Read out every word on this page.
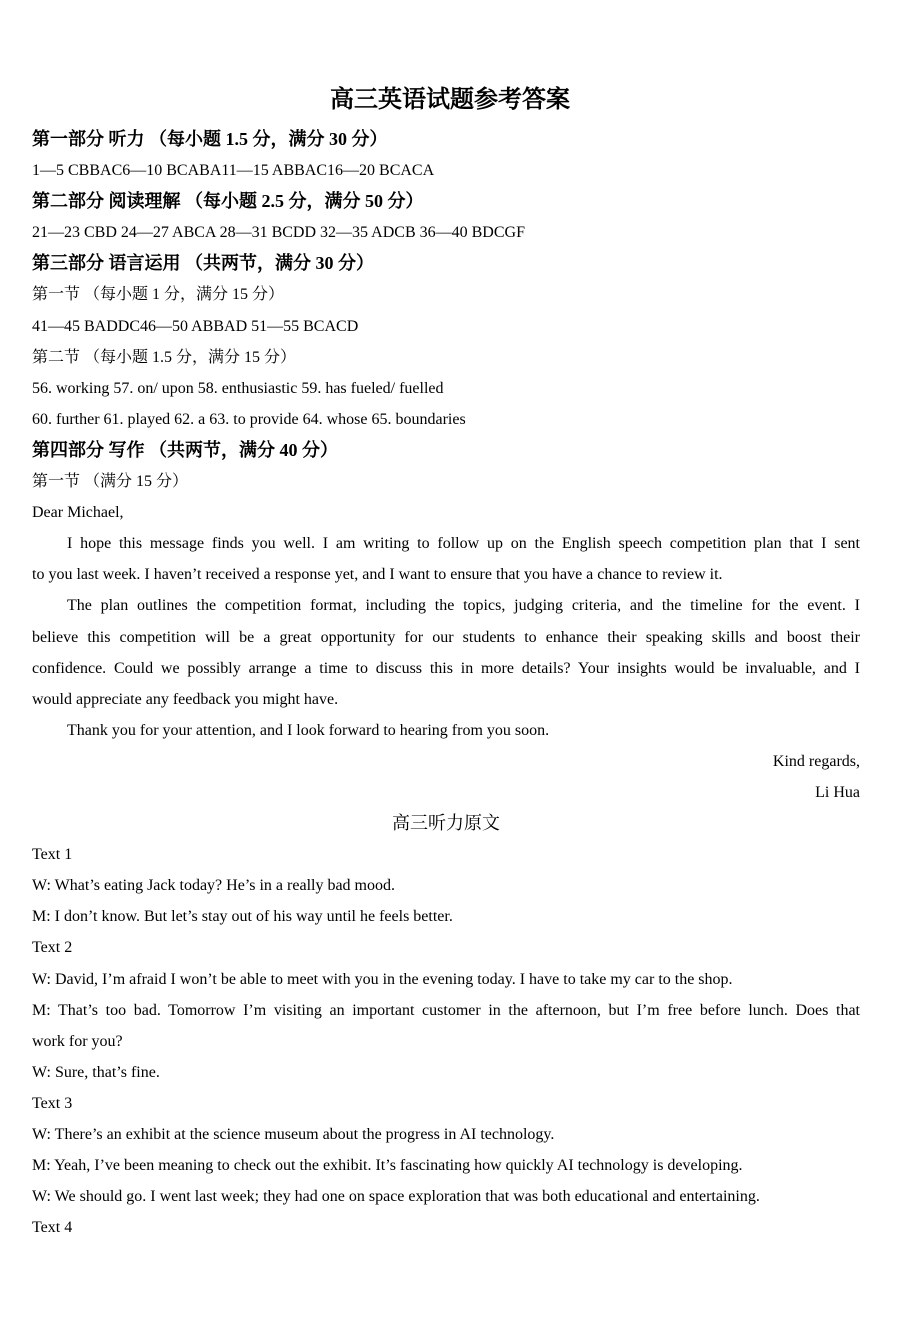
高三英语试题参考答案
第一部分 听力 （每小题 1.5 分，满分 30 分）
1—5 CBBAC6—10 BCABA11—15 ABBAC16—20 BCACA
第二部分 阅读理解 （每小题 2.5 分，满分 50 分）
21—23 CBD 24—27 ABCA 28—31 BCDD 32—35 ADCB 36—40 BDCGF
第三部分 语言运用 （共两节，满分 30 分）
第一节 （每小题 1 分，满分 15 分）
41—45 BADDC46—50 ABBAD 51—55 BCACD
第二节 （每小题 1.5 分，满分 15 分）
56. working 57. on/ upon 58. enthusiastic 59. has fueled/ fuelled
60. further 61. played 62. a 63. to provide 64. whose 65. boundaries
第四部分 写作 （共两节，满分 40 分）
第一节 （满分 15 分）
Dear Michael,
I hope this message finds you well. I am writing to follow up on the English speech competition plan that I sent
to you last week. I haven’t received a response yet, and I want to ensure that you have a chance to review it.
The plan outlines the competition format, including the topics, judging criteria, and the timeline for the event. I
believe this competition will be a great opportunity for our students to enhance their speaking skills and boost their
confidence. Could we possibly arrange a time to discuss this in more details? Your insights would be invaluable, and I
would appreciate any feedback you might have.
Thank you for your attention, and I look forward to hearing from you soon.
Kind regards,
Li Hua
高三听力原文
Text 1
W: What’s eating Jack today? He’s in a really bad mood.
M: I don’t know. But let’s stay out of his way until he feels better.
Text 2
W: David, I’m afraid I won’t be able to meet with you in the evening today. I have to take my car to the shop.
M: That’s too bad. Tomorrow I’m visiting an important customer in the afternoon, but I’m free before lunch. Does that
work for you?
W: Sure, that’s fine.
Text 3
W: There’s an exhibit at the science museum about the progress in AI technology.
M: Yeah, I’ve been meaning to check out the exhibit. It’s fascinating how quickly AI technology is developing.
W: We should go. I went last week; they had one on space exploration that was both educational and entertaining.
Text 4
